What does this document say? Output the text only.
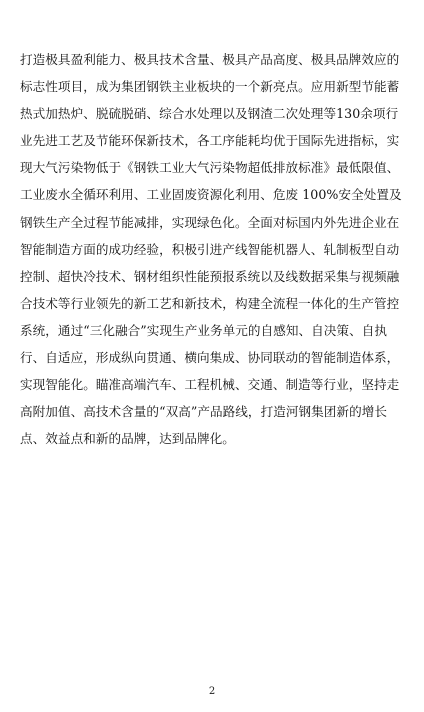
打造极具盈利能力、极具技术含量、极具产品高度、极具品牌效应的
标志性项目，成为集团钢铁主业板块的一个新亮点。应用新型节能蓄
热式加热炉、脱硫脱硝、综合水处理以及钢渣二次处理等130余项行
业先进工艺及节能环保新技术，各工序能耗均优于国际先进指标，实
现大气污染物低于《钢铁工业大气污染物超低排放标准》最低限值、
工业废水全循环利用、工业固废资源化利用、危废 100%安全处置及
钢铁生产全过程节能减排，实现绿色化。全面对标国内外先进企业在
智能制造方面的成功经验，积极引进产线智能机器人、轧制板型自动
控制、超快冷技术、钢材组织性能预报系统以及线数据采集与视频融
合技术等行业领先的新工艺和新技术，构建全流程一体化的生产管控
系统，通过“三化融合”实现生产业务单元的自感知、自决策、自执
行、自适应，形成纵向贯通、横向集成、协同联动的智能制造体系，
实现智能化。瞄准高端汽车、工程机械、交通、制造等行业，坚持走
高附加值、高技术含量的“双高”产品路线，打造河钢集团新的增长
点、效益点和新的品牌，达到品牌化。
2
